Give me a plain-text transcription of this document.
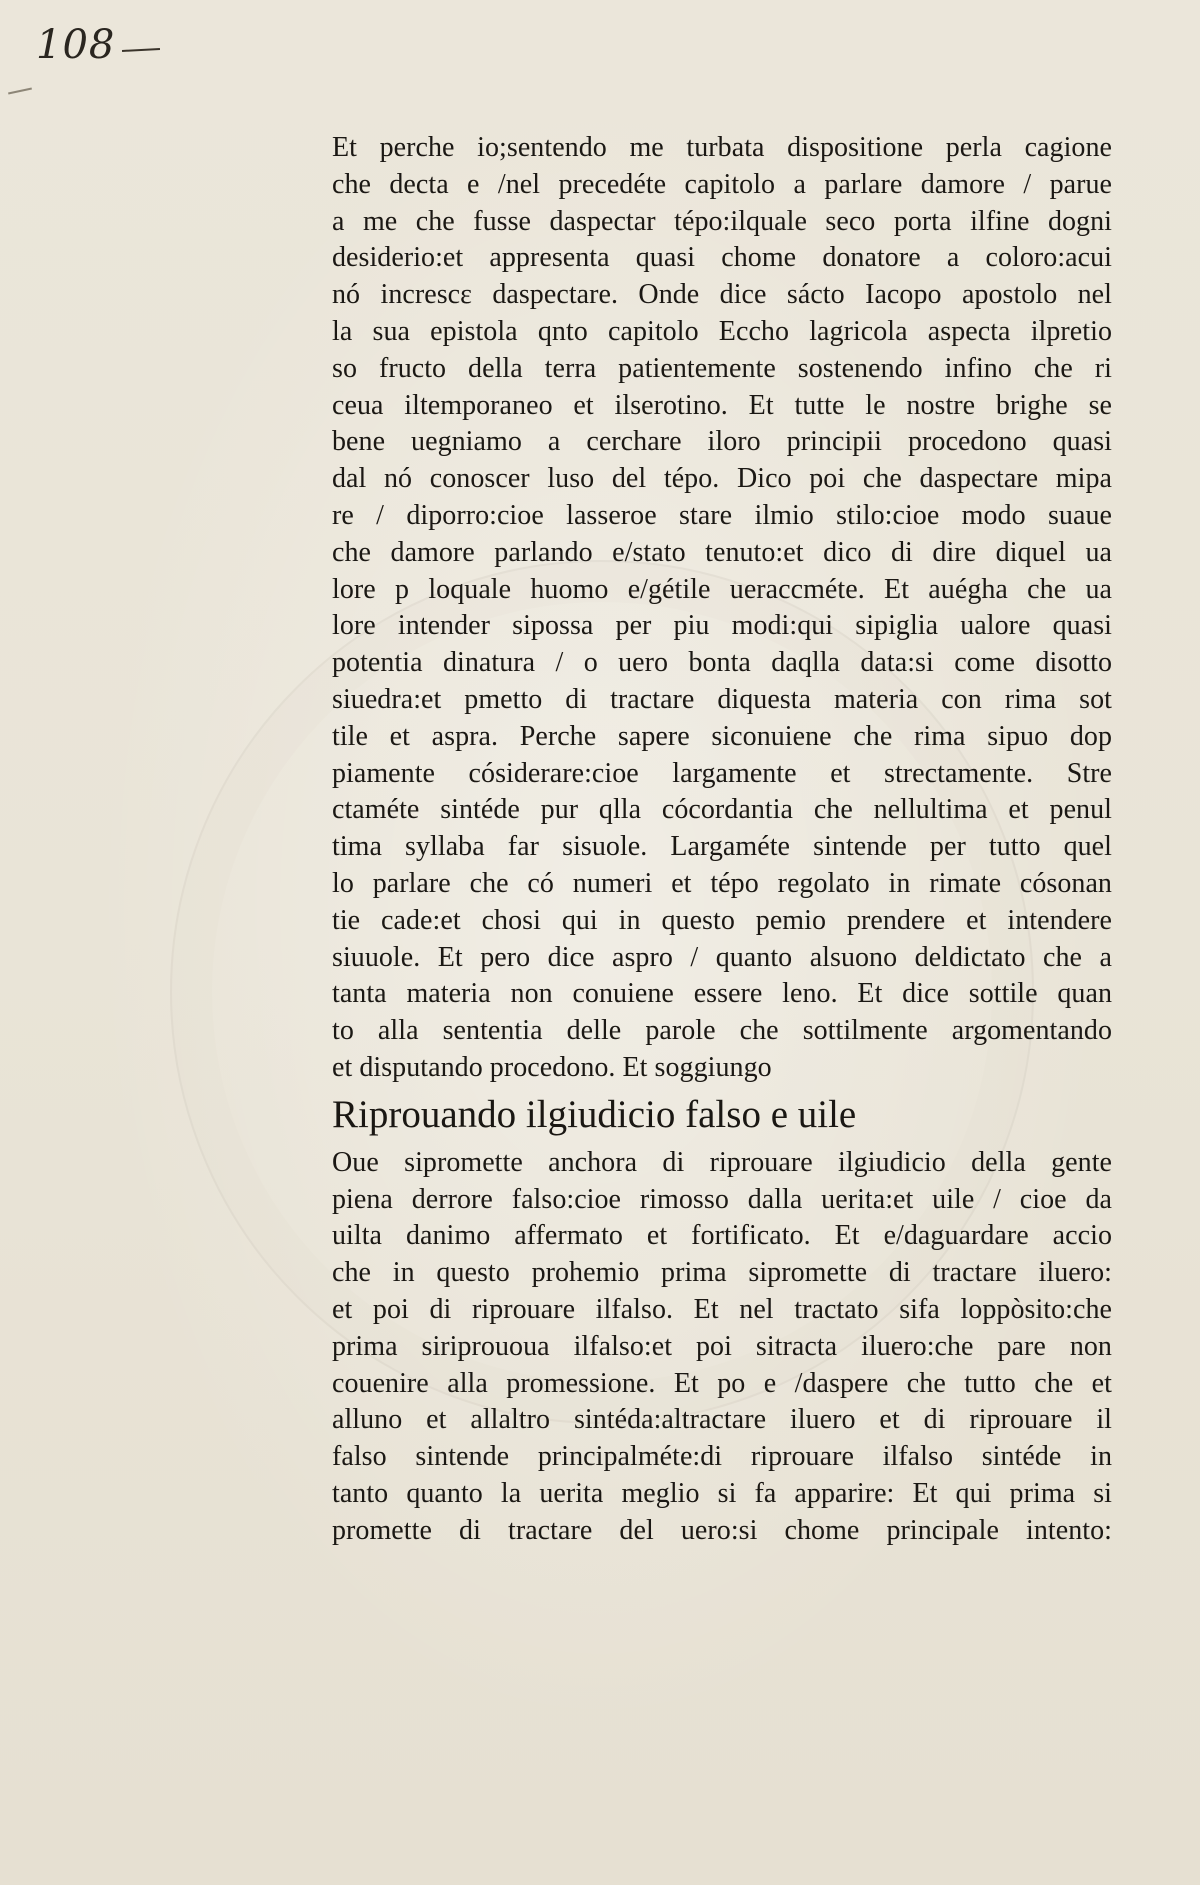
108
Et perche io;sentendo me turbata dispositione perla cagione
che decta e /nel precedéte capitolo a parlare damore / parue
a me che fusse daspectar tépo:ilquale seco porta ilfine dogni
desiderio:et appresenta quasi chome donatore a coloro:acui
nó increscε daspectare. Onde dice sácto Iacopo apostolo nel
la sua epistola qnto capitolo Eccho lagricola aspecta ilpretio
so fructo della terra patientemente sostenendo infino che ri
ceua iltemporaneo et ilserotino. Et tutte le nostre brighe se
bene uegniamo a cerchare iloro principii procedono quasi
dal nó conoscer luso del tépo. Dico poi che daspectare mipa
re / diporro:cioe lasseroe stare ilmio stilo:cioe modo suaue
che damore parlando e/stato tenuto:et dico di dire diquel ua
lore p loquale huomo e/gétile ueraccméte. Et auégha che ua
lore intender sipossa per piu modi:qui sipiglia ualore quasi
potentia dinatura / o uero bonta daqlla data:si come disotto
siuedra:et pmetto di tractare diquesta materia con rima sot
tile et aspra. Perche sapere siconuiene che rima sipuo dop
piamente cósiderare:cioe largamente et strectamente. Stre
ctaméte sintéde pur qlla cócordantia che nellultima et penul
tima syllaba far sisuole. Largaméte sintende per tutto quel
lo parlare che có numeri et tépo regolato in rimate cósonan
tie cade:et chosi qui in questo pemio prendere et intendere
siuuole. Et pero dice aspro / quanto alsuono deldictato che a
tanta materia non conuiene essere leno. Et dice sottile quan
to alla sententia delle parole che sottilmente argomentando
et disputando procedono. Et soggiungo
Riprouando ilgiudicio falso e uile
Oue sipromette anchora di riprouare ilgiudicio della gente
piena derrore falso:cioe rimosso dalla uerita:et uile / cioe da
uilta danimo affermato et fortificato. Et e/daguardare accio
che in questo prohemio prima sipromette di tractare iluero:
et poi di riprouare ilfalso. Et nel tractato sifa loppòsito:che
prima siriprououa ilfalso:et poi sitracta iluero:che pare non
couenire alla promessione. Et po e /daspere che tutto che et
alluno et allaltro sintéda:altractare iluero et di riprouare il
falso sintende principalméte:di riprouare ilfalso sintéde in
tanto quanto la uerita meglio si fa apparire: Et qui prima si
promette di tractare del uero:si chome principale intento:
